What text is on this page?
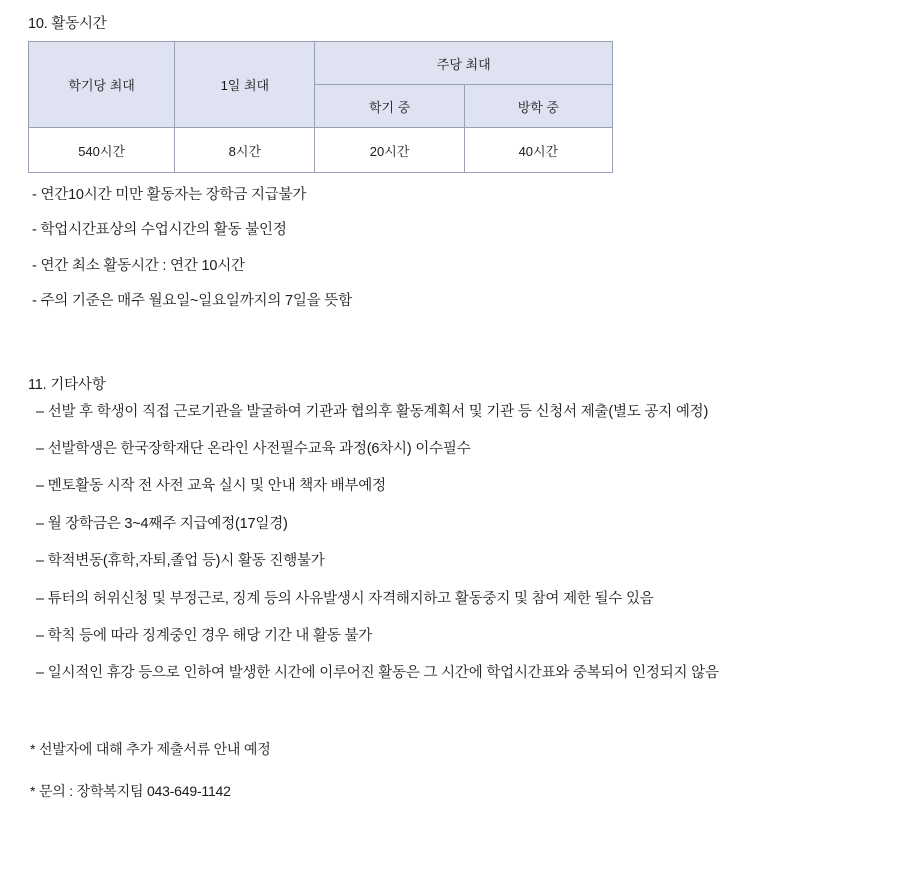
10. 활동시간
학기당 최대	1일 최대	주당 최대	
		학기 중	방학 중
540시간	8시간	20시간	40시간
- 연간10시간 미만 활동자는 장학금 지급불가
- 학업시간표상의 수업시간의 활동 불인정
- 연간 최소 활동시간 : 연간 10시간
- 주의 기준은 매주 월요일~일요일까지의 7일을 뜻함
11. 기타사항
– 선발 후 학생이 직접 근로기관을 발굴하여 기관과 협의후 활동계획서 및 기관 등 신청서 제출(별도 공지 예정)
– 선발학생은 한국장학재단 온라인 사전필수교육 과정(6차시) 이수필수
– 멘토활동 시작 전 사전 교육 실시 및 안내 책자 배부예정
– 월 장학금은 3~4째주 지급예정(17일경)
– 학적변동(휴학,자퇴,졸업 등)시 활동 진행불가
– 튜터의 허위신청 및 부정근로, 징계 등의 사유발생시 자격해지하고 활동중지 및 참여 제한 될수 있음
– 학칙 등에 따라 징계중인 경우 해당 기간 내 활동 불가
– 일시적인 휴강 등으로 인하여 발생한 시간에 이루어진 활동은 그 시간에 학업시간표와 중복되어 인정되지 않음
* 선발자에 대해 추가 제출서류 안내 예정
* 문의 : 장학복지팀 043-649-1142
